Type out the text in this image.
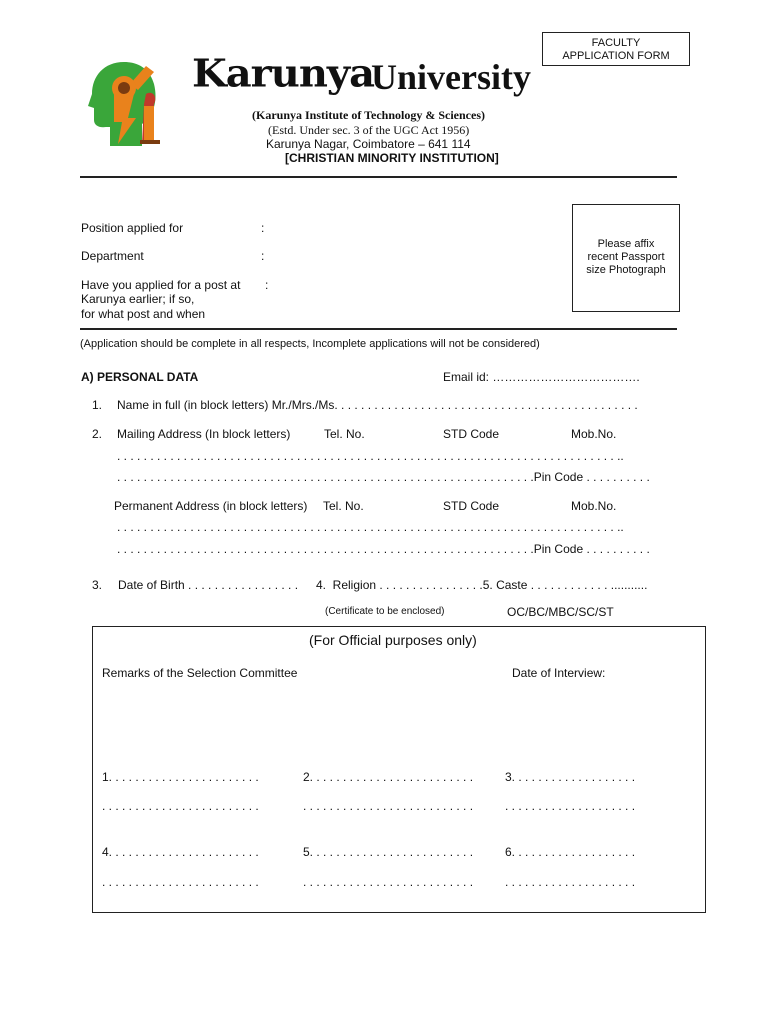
FACULTY
APPLICATION FORM
Karunya
University
(Karunya Institute of Technology & Sciences)
(Estd. Under sec. 3 of the UGC Act 1956)
Karunya Nagar, Coimbatore – 641 114
[CHRISTIAN MINORITY INSTITUTION]
Position applied for	:
Department	:
Have you applied for a post at :
Karunya earlier; if so,
for what post and when
Please affix
recent Passport
size Photograph
(Application should be complete in all respects, Incomplete applications will not be considered)
A) PERSONAL DATA	Email id: ……………………………….
1. Name in full (in block letters) Mr./Mrs./Ms. . . . . . . . . . . . . . . . . . . . . . . . . . . . . . . . . . . . . . . . . . . . . .
2. Mailing Address (In block letters)	Tel. No.	STD Code	Mob.No.
. . . . . . . . . . . . . . . . . . . . . . . . . . . . . . . . . . . . . . . . . . . . . . . . . . . . . . . . . . . . . . . . . . . . . . . . . . . ..
. . . . . . . . . . . . . . . . . . . . . . . . . . . . . . . . . . . . . . . . . . . . . . . . . . . . . . . . . . . . . . .Pin Code . . . . . . . . . .
Permanent Address (in block letters) Tel. No.	STD Code	Mob.No.
. . . . . . . . . . . . . . . . . . . . . . . . . . . . . . . . . . . . . . . . . . . . . . . . . . . . . . . . . . . . . . . . . . . . . . . . . . . ..
. . . . . . . . . . . . . . . . . . . . . . . . . . . . . . . . . . . . . . . . . . . . . . . . . . . . . . . . . . . . . . .Pin Code . . . . . . . . . .
3. Date of Birth . . . . . . . . . . . . . . . . . 4.  Religion . . . . . . . . . . . . . . . .5. Caste . . . . . . . . . . . . ...........
(Certificate to be enclosed)	OC/BC/MBC/SC/ST
(For Official purposes only)
Remarks of the Selection Committee	Date of Interview:
1. . . . . . . . . . . . . . . . . . . . . . .	2. . . . . . . . . . . . . . . . . . . . . . . . .	3. . . . . . . . . . . . . . . . . . .
. . . . . . . . . . . . . . . . . . . . . . . .	. . . . . . . . . . . . . . . . . . . . . . . . . .	. . . . . . . . . . . . . . . . . . . .
4. . . . . . . . . . . . . . . . . . . . . . .	5. . . . . . . . . . . . . . . . . . . . . . . . .	6. . . . . . . . . . . . . . . . . . .
. . . . . . . . . . . . . . . . . . . . . . . .	. . . . . . . . . . . . . . . . . . . . . . . . . .	. . . . . . . . . . . . . . . . . . . .
